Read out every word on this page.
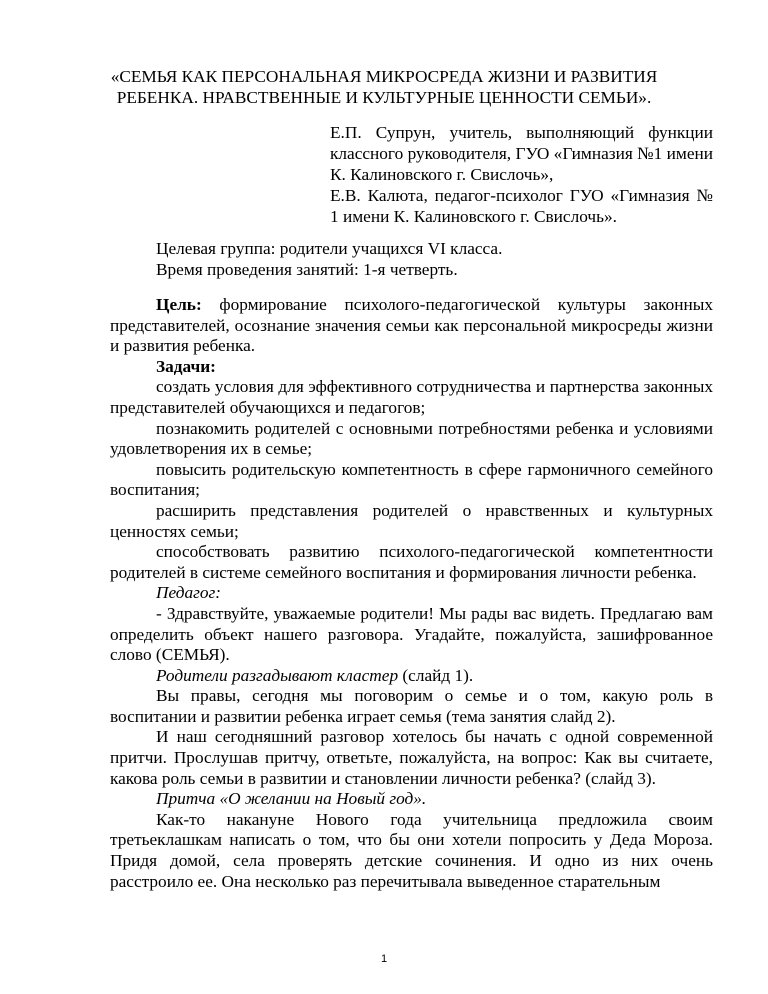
«СЕМЬЯ КАК ПЕРСОНАЛЬНАЯ МИКРОСРЕДА ЖИЗНИ И РАЗВИТИЯ
РЕБЕНКА. НРАВСТВЕННЫЕ И КУЛЬТУРНЫЕ ЦЕННОСТИ СЕМЬИ».

Е.П. Супрун, учитель, выполняющий функции классного руководителя, ГУО «Гимназия №1 имени К. Калиновского г. Свислочь»,

Е.В. Калюта, педагог-психолог ГУО «Гимназия № 1 имени К. Калиновского г. Свислочь».

Целевая группа: родители учащихся VI класса.

Время проведения занятий: 1-я четверть.

Цель: формирование психолого-педагогической культуры законных представителей, осознание значения семьи как персональной микросреды жизни и развития ребенка.

Задачи:

создать условия для эффективного сотрудничества и партнерства законных представителей обучающихся и педагогов;

познакомить родителей с основными потребностями ребенка и условиями удовлетворения их в семье;

повысить родительскую компетентность в сфере гармоничного семейного воспитания;

расширить представления родителей о нравственных и культурных ценностях семьи;

способствовать развитию психолого-педагогической компетентности родителей в системе семейного воспитания и формирования личности ребенка.

Педагог:

- Здравствуйте, уважаемые родители! Мы рады вас видеть. Предлагаю вам определить объект нашего разговора. Угадайте, пожалуйста, зашифрованное слово (СЕМЬЯ).

Родители разгадывают кластер (слайд 1).

Вы правы, сегодня мы поговорим о семье и о том, какую роль в воспитании и развитии ребенка играет семья (тема занятия слайд 2).

И наш сегодняшний разговор хотелось бы начать с одной современной притчи. Прослушав притчу, ответьте, пожалуйста, на вопрос: Как вы считаете, какова роль семьи в развитии и становлении личности ребенка? (слайд 3).

Притча «О желании на Новый год».

Как-то накануне Нового года учительница предложила своим третьеклашкам написать о том, что бы они хотели попросить у Деда Мороза. Придя домой, села проверять детские сочинения. И одно из них очень расстроило ее. Она несколько раз перечитывала выведенное старательным

1
